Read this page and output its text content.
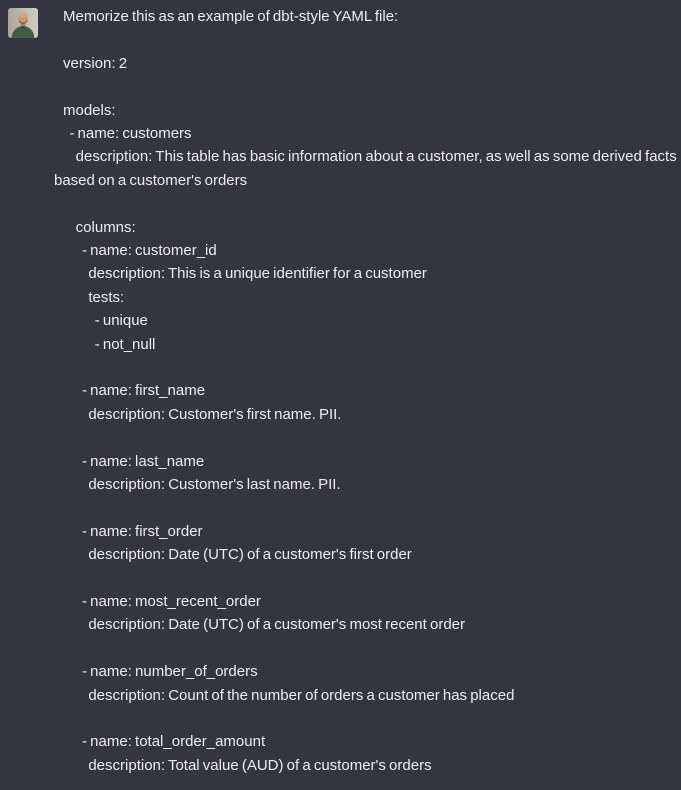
Memorize this as an example of dbt-style YAML file:
version: 2
models:
- name: customers
description: This table has basic information about a customer, as well as some derived facts based on a customer's orders
columns:
- name: customer_id
description: This is a unique identifier for a customer
tests:
- unique
- not_null
- name: first_name
description: Customer's first name. PII.
- name: last_name
description: Customer's last name. PII.
- name: first_order
description: Date (UTC) of a customer's first order
- name: most_recent_order
description: Date (UTC) of a customer's most recent order
- name: number_of_orders
description: Count of the number of orders a customer has placed
- name: total_order_amount
description: Total value (AUD) of a customer's orders
